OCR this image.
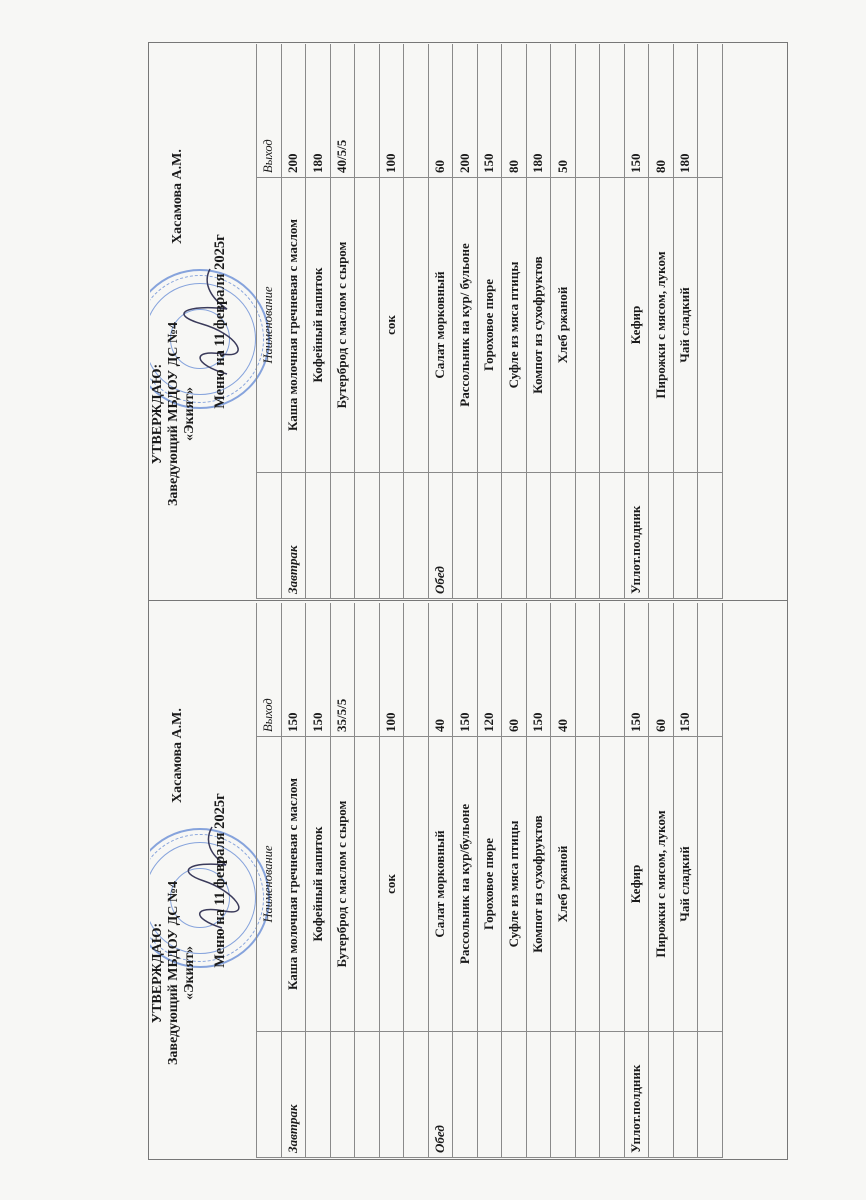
УТВЕРЖДАЮ: Заведующий МБДОУ ДС №4 «Экият»
Хасамова А.М.
Меню на 11 февраля 2025г
		Наименование	Выход
Завтрак	Каша молочная гречневая с маслом	200
	Кофейный напиток	180
	Бутерброд с маслом с сыром	40/5/5

	сок	100

Обед	Салат морковный	60
	Рассольник на кур/ бульоне	200
	Гороховое пюре	150
	Суфле из мяса птицы	80
	Компот из сухофруктов	180
	Хлеб ржаной	50

Уплот.полдник	Кефир	150
	Пирожки с мясом, луком	80
	Чай сладкий	180

УТВЕРЖДАЮ: Заведующий МБДОУ ДС №4 «Экият»
Хасамова А.М.
Меню на 11 февраля 2025г
		Наименование	Выход
Завтрак	Каша молочная гречневая с маслом	150
	Кофейный напиток	150
	Бутерброд с маслом с сыром	35/5/5

	сок	100

Обед	Салат морковный	40
	Рассольник на кур/бульоне	150
	Гороховое пюре	120
	Суфле из мяса птицы	60
	Компот из сухофруктов	150
	Хлеб ржаной	40

Уплот.полдник	Кефир	150
	Пирожки с мясом, луком	60
	Чай сладкий	150
